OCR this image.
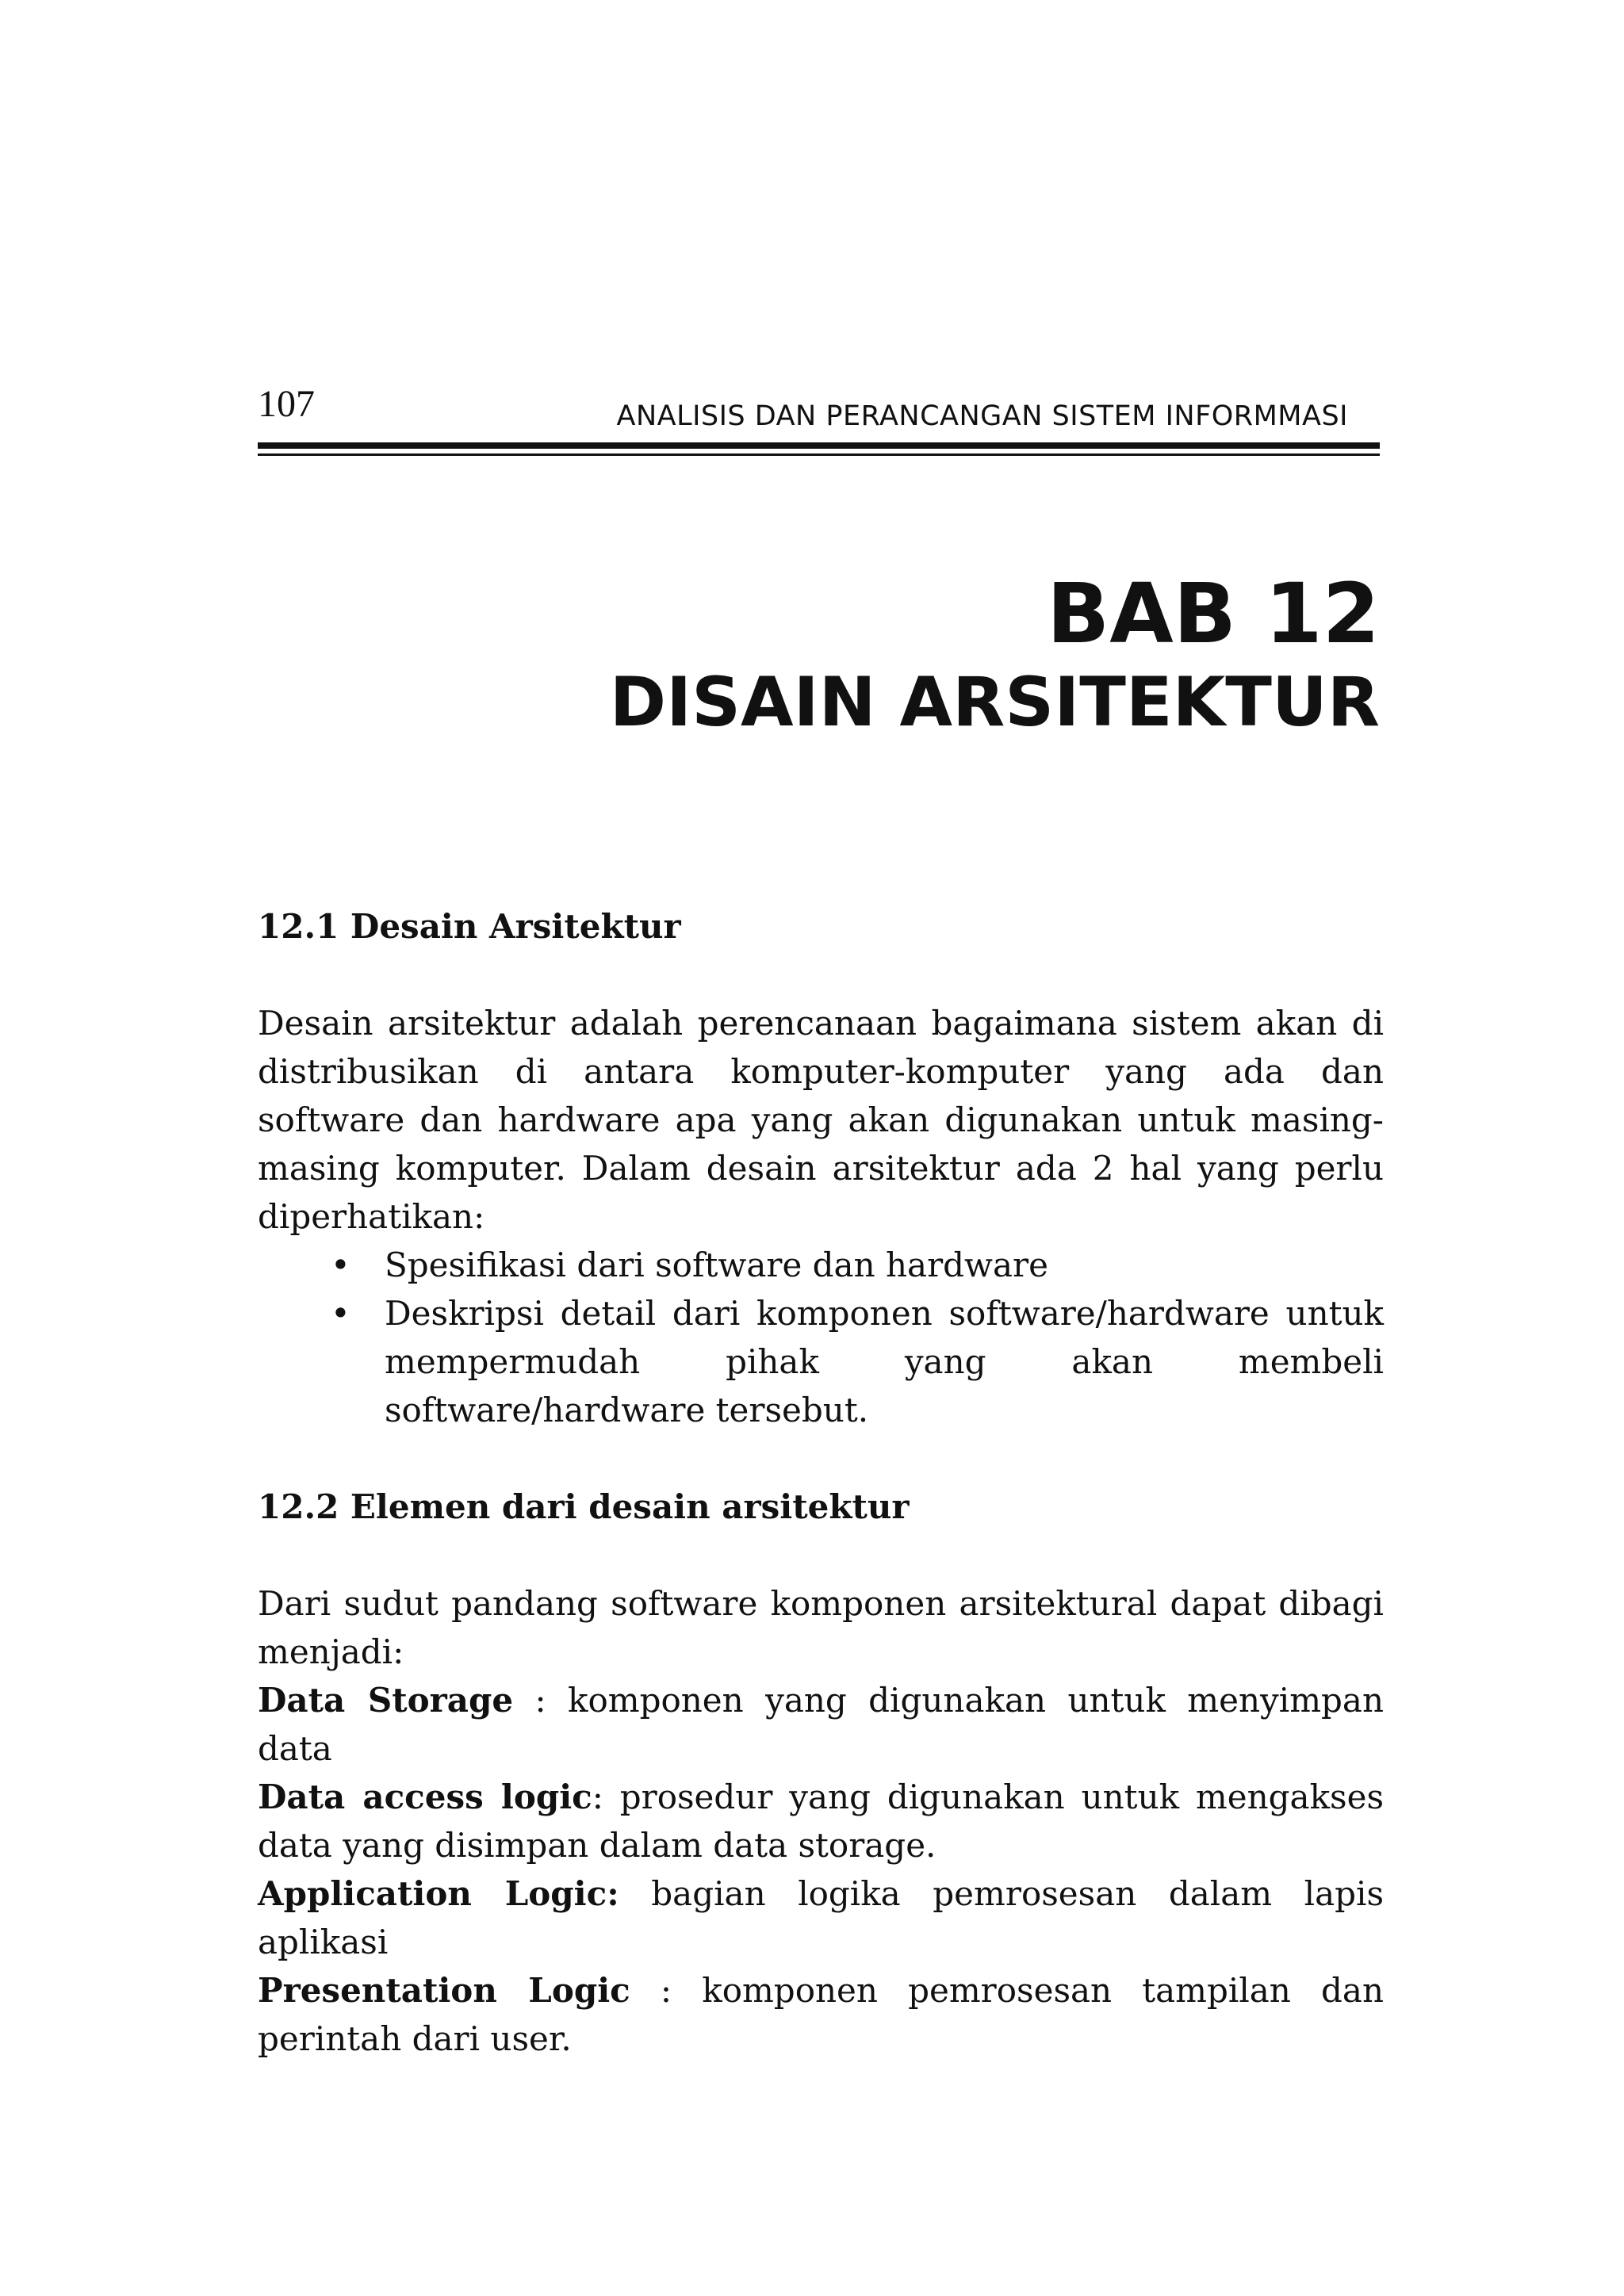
107	ANALISIS DAN PERANCANGAN SISTEM INFORMMASI
BAB 12
DISAIN ARSITEKTUR

12.1 Desain Arsitektur

Desain arsitektur adalah perencanaan bagaimana sistem akan di distribusikan di antara komputer-komputer yang ada dan software dan hardware apa yang akan digunakan untuk masing-masing komputer. Dalam desain arsitektur ada 2 hal yang perlu diperhatikan:

• Spesifikasi dari software dan hardware
• Deskripsi detail dari komponen software/hardware untuk mempermudah pihak yang akan membeli software/hardware tersebut.

12.2 Elemen dari desain arsitektur

Dari sudut pandang software komponen arsitektural dapat dibagi menjadi:

Data Storage : komponen yang digunakan untuk menyimpan data

Data access logic: prosedur yang digunakan untuk mengakses data yang disimpan dalam data storage.

Application Logic: bagian logika pemrosesan dalam lapis aplikasi

Presentation Logic : komponen pemrosesan tampilan dan perintah dari user.
